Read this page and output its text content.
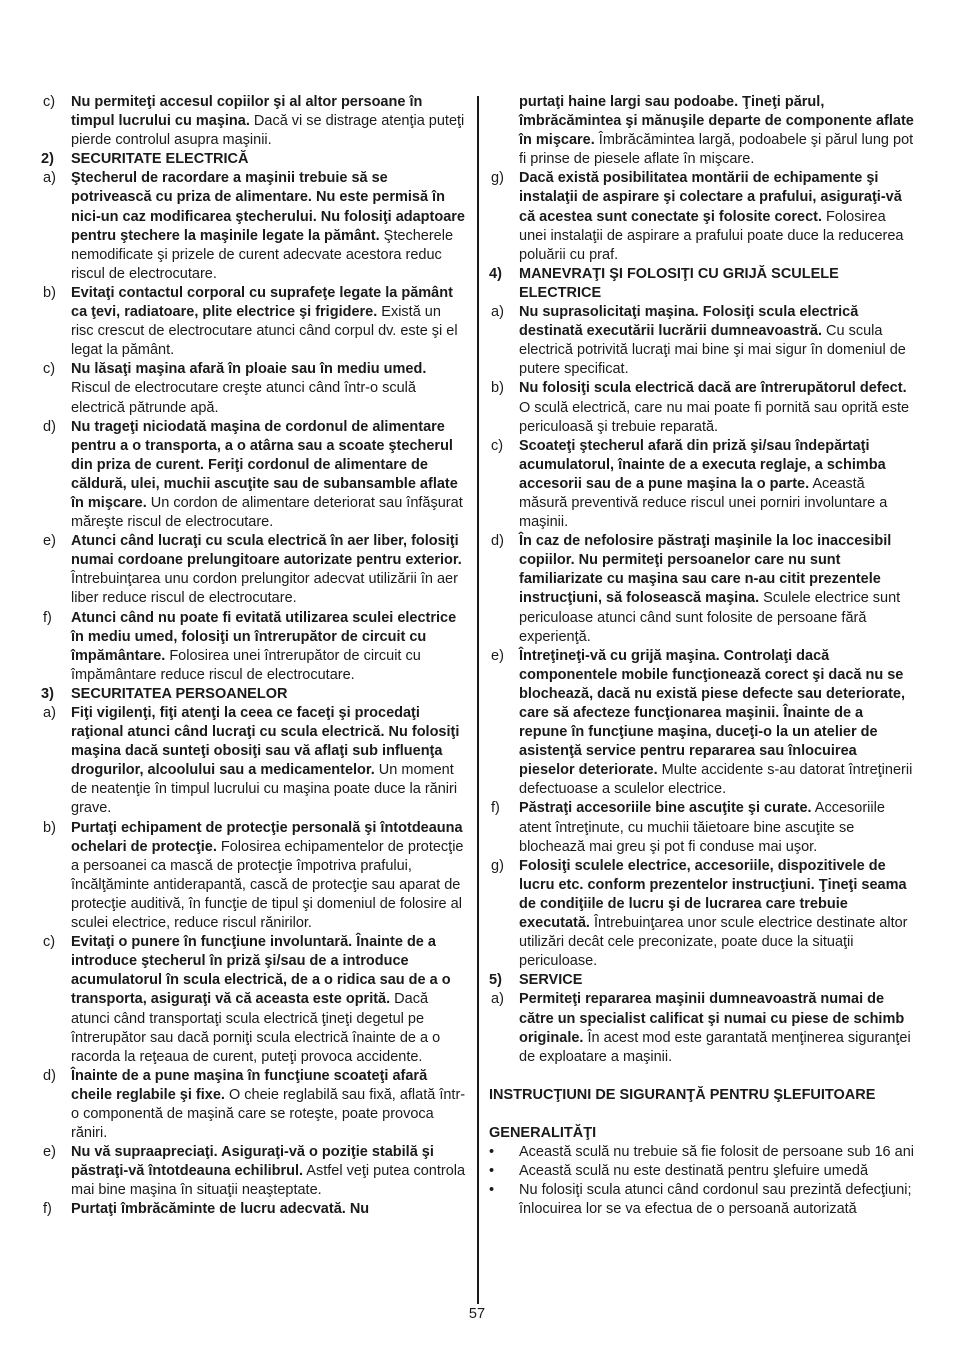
c) Nu permiteţi accesul copiilor şi al altor persoane în timpul lucrului cu maşina. Dacă vi se distrage atenţia puteţi pierde controlul asupra maşinii.
2) SECURITATE ELECTRICĂ
a) Ştecherul de racordare a maşinii trebuie să se potrivească cu priza de alimentare. Nu este permisă în nici-un caz modificarea ştecherului. Nu folosiţi adaptoare pentru ştechere la maşinile legate la pământ. Ştecherele nemodificate şi prizele de curent adecvate acestora reduc riscul de electrocutare.
b) Evitaţi contactul corporal cu suprafeţe legate la pământ ca ţevi, radiatoare, plite electrice şi frigidere. Există un risc crescut de electrocutare atunci când corpul dv. este şi el legat la pământ.
c) Nu lăsaţi maşina afară în ploaie sau în mediu umed. Riscul de electrocutare creşte atunci când într-o sculă electrică pătrunde apă.
d) Nu trageţi niciodată maşina de cordonul de alimentare pentru a o transporta, a o atârna sau a scoate ştecherul din priza de curent. Feriţi cordonul de alimentare de căldură, ulei, muchii ascuţite sau de subansamble aflate în mişcare. Un cordon de alimentare deteriorat sau înfăşurat măreşte riscul de electrocutare.
e) Atunci când lucraţi cu scula electrică în aer liber, folosiţi numai cordoane prelungitoare autorizate pentru exterior. Întrebuinţarea unu cordon prelungitor adecvat utilizării în aer liber reduce riscul de electrocutare.
f) Atunci când nu poate fi evitată utilizarea sculei electrice în mediu umed, folosiţi un întrerupător de circuit cu împământare. Folosirea unei întrerupător de circuit cu împământare reduce riscul de electrocutare.
3) SECURITATEA PERSOANELOR
a) Fiţi vigilenţi, fiţi atenţi la ceea ce faceţi şi procedaţi raţional atunci când lucraţi cu scula electrică. Nu folosiţi maşina dacă sunteţi obosiţi sau vă aflaţi sub influenţa drogurilor, alcoolului sau a medicamentelor. Un moment de neatenţie în timpul lucrului cu maşina poate duce la răniri grave.
b) Purtaţi echipament de protecţie personală şi întotdeauna ochelari de protecţie. Folosirea echipamentelor de protecţie a persoanei ca mască de protecţie împotriva prafului, încălţăminte antiderapantă, cască de protecţie sau aparat de protecţie auditivă, în funcţie de tipul şi domeniul de folosire al sculei electrice, reduce riscul rănirilor.
c) Evitaţi o punere în funcţiune involuntară. Înainte de a introduce ştecherul în priză şi/sau de a introduce acumulatorul în scula electrică, de a o ridica sau de a o transporta, asiguraţi vă că aceasta este oprită. Dacă atunci când transportaţi scula electrică ţineţi degetul pe întrerupător sau dacă porniţi scula electrică înainte de a o racorda la reţeaua de curent, puteţi provoca accidente.
d) Înainte de a pune maşina în funcţiune scoateţi afară cheile reglabile şi fixe. O cheie reglabilă sau fixă, aflată într-o componentă de maşină care se roteşte, poate provoca răniri.
e) Nu vă supraapreciaţi. Asiguraţi-vă o poziţie stabilă şi păstraţi-vă întotdeauna echilibrul. Astfel veţi putea controla mai bine maşina în situaţii neaşteptate.
f) Purtaţi îmbrăcăminte de lucru adecvată. Nu
purtaţi haine largi sau podoabe. Ţineţi părul, îmbrăcămintea şi mănuşile departe de componente aflate în mişcare. Îmbrăcămintea largă, podoabele şi părul lung pot fi prinse de piesele aflate în mişcare.
g) Dacă există posibilitatea montării de echipamente şi instalaţii de aspirare şi colectare a prafului, asiguraţi-vă că acestea sunt conectate şi folosite corect. Folosirea unei instalaţii de aspirare a prafului poate duce la reducerea poluării cu praf.
4) MANEVRAŢI ŞI FOLOSIŢI CU GRIJĂ SCULELE ELECTRICE
a) Nu suprasolicitaţi maşina. Folosiţi scula electrică destinată executării lucrării dumneavoastră. Cu scula electrică potrivită lucraţi mai bine şi mai sigur în domeniul de putere specificat.
b) Nu folosiţi scula electrică dacă are întrerupătorul defect. O sculă electrică, care nu mai poate fi pornită sau oprită este periculoasă şi trebuie reparată.
c) Scoateţi ştecherul afară din priză şi/sau îndepărtaţi acumulatorul, înainte de a executa reglaje, a schimba accesorii sau de a pune maşina la o parte. Această măsură preventivă reduce riscul unei porniri involuntare a maşinii.
d) În caz de nefolosire păstraţi maşinile la loc inaccesibil copiilor. Nu permiteţi persoanelor care nu sunt familiarizate cu maşina sau care n-au citit prezentele instrucţiuni, să folosească maşina. Sculele electrice sunt periculoase atunci când sunt folosite de persoane fără experienţă.
e) Întreţineţi-vă cu grijă maşina. Controlaţi dacă componentele mobile funcţionează corect şi dacă nu se blochează, dacă nu există piese defecte sau deteriorate, care să afecteze funcţionarea maşinii. Înainte de a repune în funcţiune maşina, duceţi-o la un atelier de asistenţă service pentru repararea sau înlocuirea pieselor deteriorate. Multe accidente s-au datorat întreţinerii defectuoase a sculelor electrice.
f) Păstraţi accesoriile bine ascuţite şi curate. Accesoriile atent întreţinute, cu muchii tăietoare bine ascuţite se blochează mai greu şi pot fi conduse mai uşor.
g) Folosiţi sculele electrice, accesoriile, dispozitivele de lucru etc. conform prezentelor instrucţiuni. Ţineţi seama de condiţiile de lucru şi de lucrarea care trebuie executată. Întrebuinţarea unor scule electrice destinate altor utilizări decât cele preconizate, poate duce la situaţii periculoase.
5) SERVICE
a) Permiteţi repararea maşinii dumneavoastră numai de către un specialist calificat şi numai cu piese de schimb originale. În acest mod este garantată menţinerea siguranţei de exploatare a maşinii.
INSTRUCŢIUNI DE SIGURANŢĂ PENTRU ŞLEFUITOARE
GENERALITĂŢI
• Această sculă nu trebuie să fie folosit de persoane sub 16 ani
• Această sculă nu este destinată pentru şlefuire umedă
• Nu folosiţi scula atunci când cordonul sau prezintă defecţiuni; înlocuirea lor se va efectua de o persoană autorizată
57
